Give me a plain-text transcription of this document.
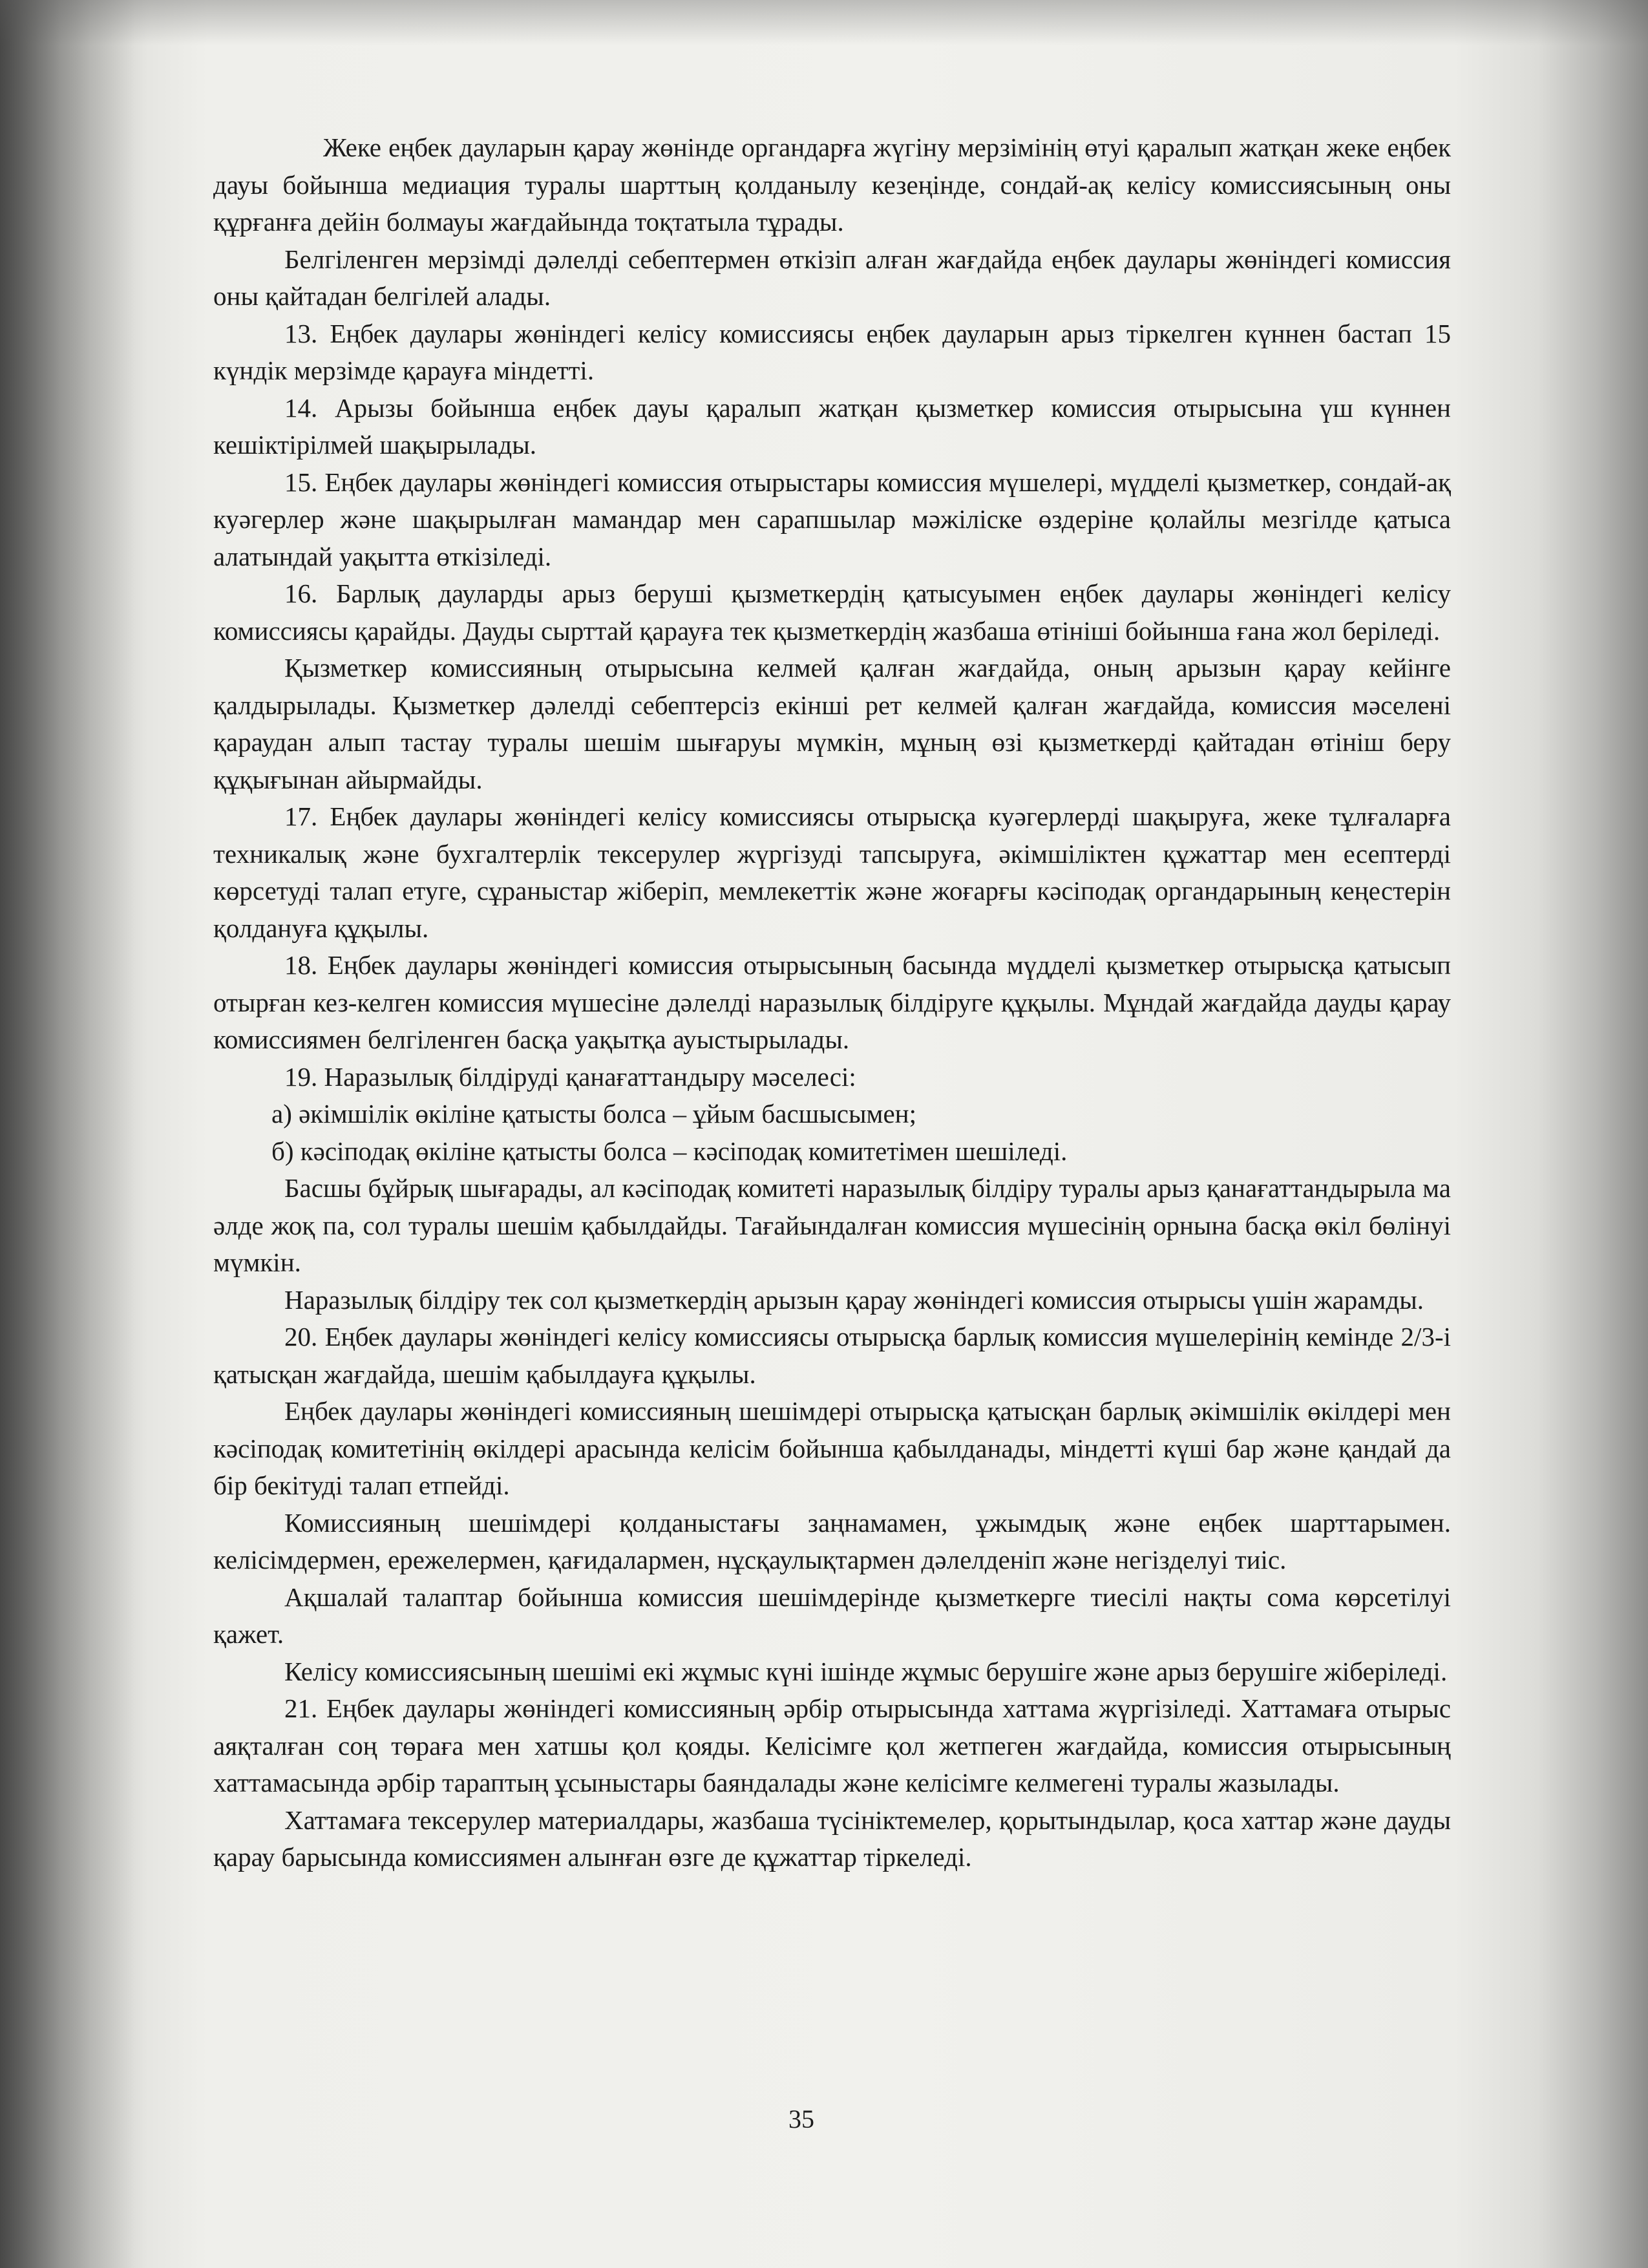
Жеке еңбек дауларын қарау жөнінде органдарға жүгіну мерзімінің өтуі қаралып жатқан жеке еңбек дауы бойынша медиация туралы шарттың қолданылу кезеңінде, сондай-ақ келісу комиссиясының оны құрғанға дейін болмауы жағдайында тоқтатыла тұрады.

Белгіленген мерзімді дәлелді себептермен өткізіп алған жағдайда еңбек даулары жөніндегі комиссия оны қайтадан белгілей алады.

13. Еңбек даулары жөніндегі келісу комиссиясы еңбек дауларын арыз тіркелген күннен бастап 15 күндік мерзімде қарауға міндетті.

14. Арызы бойынша еңбек дауы қаралып жатқан қызметкер комиссия отырысына үш күннен кешіктірілмей шақырылады.

15. Еңбек даулары жөніндегі комиссия отырыстары комиссия мүшелері, мүдделі қызметкер, сондай-ақ куәгерлер және шақырылған мамандар мен сарапшылар мәжіліске өздеріне қолайлы мезгілде қатыса алатындай уақытта өткізіледі.

16. Барлық дауларды арыз беруші қызметкердің қатысуымен еңбек даулары жөніндегі келісу комиссиясы қарайды. Дауды сырттай қарауға тек қызметкердің жазбаша өтініші бойынша ғана жол беріледі.

Қызметкер комиссияның отырысына келмей қалған жағдайда, оның арызын қарау кейінге қалдырылады. Қызметкер дәлелді себептерсіз екінші рет келмей қалған жағдайда, комиссия мәселені қараудан алып тастау туралы шешім шығаруы мүмкін, мұның өзі қызметкерді қайтадан өтініш беру құқығынан айырмайды.

17. Еңбек даулары жөніндегі келісу комиссиясы отырысқа куәгерлерді шақыруға, жеке тұлғаларға техникалық және бухгалтерлік тексерулер жүргізуді тапсыруға, әкімшіліктен құжаттар мен есептерді көрсетуді талап етуге, сұраныстар жіберіп, мемлекеттік және жоғарғы кәсіподақ органдарының кеңестерін қолдануға құқылы.

18. Еңбек даулары жөніндегі комиссия отырысының басында мүдделі қызметкер отырысқа қатысып отырған кез-келген комиссия мүшесіне дәлелді наразылық білдіруге құқылы. Мұндай жағдайда дауды қарау комиссиямен белгіленген басқа уақытқа ауыстырылады.

19. Наразылық білдіруді қанағаттандыру мәселесі:

а) әкімшілік өкіліне қатысты болса – ұйым басшысымен;

б) кәсіподақ өкіліне қатысты болса – кәсіподақ комитетімен шешіледі.

Басшы бұйрық шығарады, ал кәсіподақ комитеті наразылық білдіру туралы арыз қанағаттандырыла ма әлде жоқ па, сол туралы шешім қабылдайды. Тағайындалған комиссия мүшесінің орнына басқа өкіл бөлінуі мүмкін.

Наразылық білдіру тек сол қызметкердің арызын қарау жөніндегі комиссия отырысы үшін жарамды.

20. Еңбек даулары жөніндегі келісу комиссиясы отырысқа барлық комиссия мүшелерінің кемінде 2/3-і қатысқан жағдайда, шешім қабылдауға құқылы.

Еңбек даулары жөніндегі комиссияның шешімдері отырысқа қатысқан барлық әкімшілік өкілдері мен кәсіподақ комитетінің өкілдері арасында келісім бойынша қабылданады, міндетті күші бар және қандай да бір бекітуді талап етпейді.

Комиссияның шешімдері қолданыстағы заңнамамен, ұжымдық және еңбек шарттарымен. келісімдермен, ережелермен, қағидалармен, нұсқаулықтармен дәлелденіп және негізделуі тиіс.

Ақшалай талаптар бойынша комиссия шешімдерінде қызметкерге тиесілі нақты сома көрсетілуі қажет.

Келісу комиссиясының шешімі екі жұмыс күні ішінде жұмыс берушіге және арыз берушіге жіберіледі.

21. Еңбек даулары жөніндегі комиссияның әрбір отырысында хаттама жүргізіледі. Хаттамаға отырыс аяқталған соң төраға мен хатшы қол қояды. Келісімге қол жетпеген жағдайда, комиссия отырысының хаттамасында әрбір тараптың ұсыныстары баяндалады және келісімге келмегені туралы жазылады.

Хаттамаға тексерулер материалдары, жазбаша түсініктемелер, қорытындылар, қоса хаттар және дауды қарау барысында комиссиямен алынған өзге де құжаттар тіркеледі.

35
